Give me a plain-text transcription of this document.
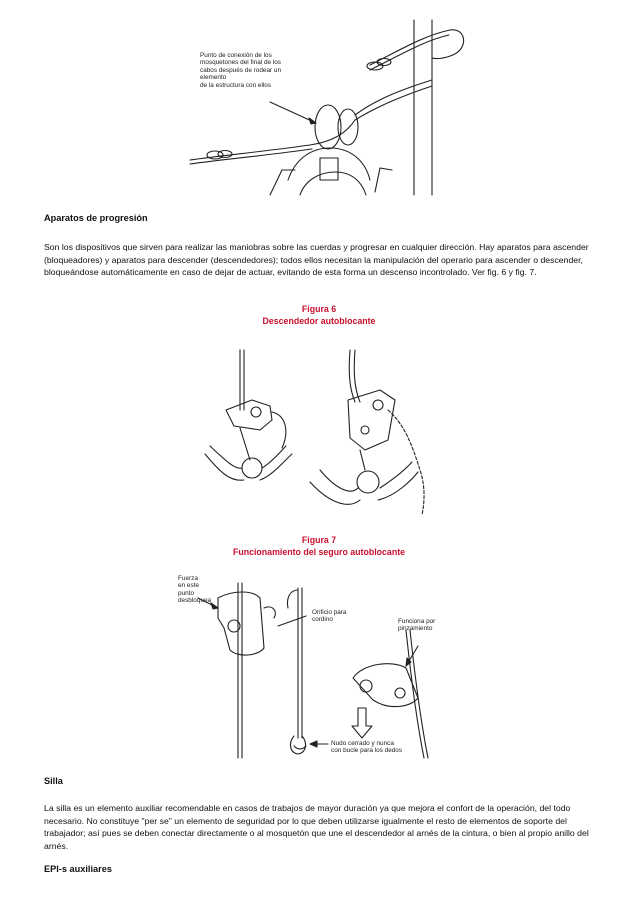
Punto de conexión de los
mosquetones del final de los
cabos después de rodear un
elemento
de la estructura con ellos
Aparatos de progresión

Son los dispositivos que sirven para realizar las maniobras sobre las cuerdas y progresar en cualquier dirección. Hay aparatos para ascender (bloqueadores) y aparatos para descender (descendedores); todos ellos necesitan la manipulación del operario para ascender o descender, bloqueándose automáticamente en caso de dejar de actuar, evitando de esta forma un descenso incontrolado. Ver fig. 6 y fig. 7.

Figura 6
Descendedor autoblocante
Figura 7
Funcionamiento del seguro autoblocante
Fuerza
en este
punto
desbloquea
Orificio para
cordino	Funciona por
pinzamiento
Nudo cerrado y nunca
con bucle para los dedos
Silla

La silla es un elemento auxiliar recomendable en casos de trabajos de mayor duración ya que mejora el confort de la operación, del todo necesario. No constituye "per se" un elemento de seguridad por lo que deben utilizarse igualmente el resto de elementos de soporte del trabajador; así pues se deben conectar directamente o al mosquetón que une el descendedor al arnés de la cintura, o bien al propio anillo del arnés.

EPI-s auxiliares
